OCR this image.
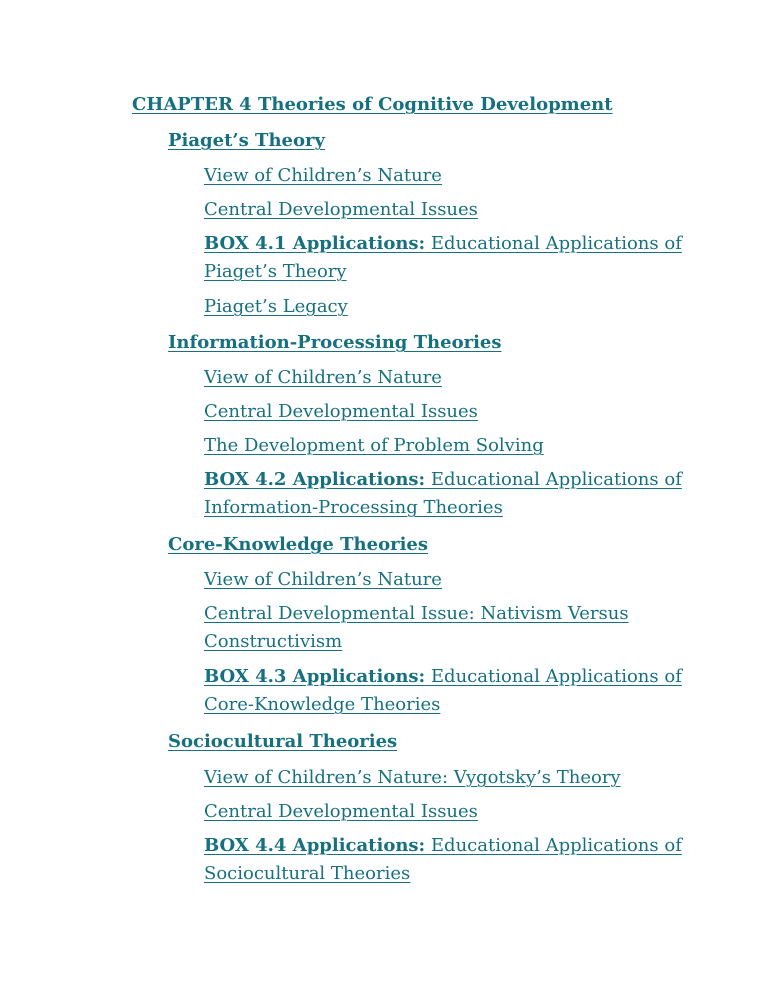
CHAPTER 4 Theories of Cognitive Development
Piaget’s Theory
View of Children’s Nature
Central Developmental Issues
BOX 4.1 Applications: Educational Applications of
Piaget’s Theory
Piaget’s Legacy
Information-Processing Theories
View of Children’s Nature
Central Developmental Issues
The Development of Problem Solving
BOX 4.2 Applications: Educational Applications of
Information-Processing Theories
Core-Knowledge Theories
View of Children’s Nature
Central Developmental Issue: Nativism Versus
Constructivism
BOX 4.3 Applications: Educational Applications of
Core-Knowledge Theories
Sociocultural Theories
View of Children’s Nature: Vygotsky’s Theory
Central Developmental Issues
BOX 4.4 Applications: Educational Applications of
Sociocultural Theories
